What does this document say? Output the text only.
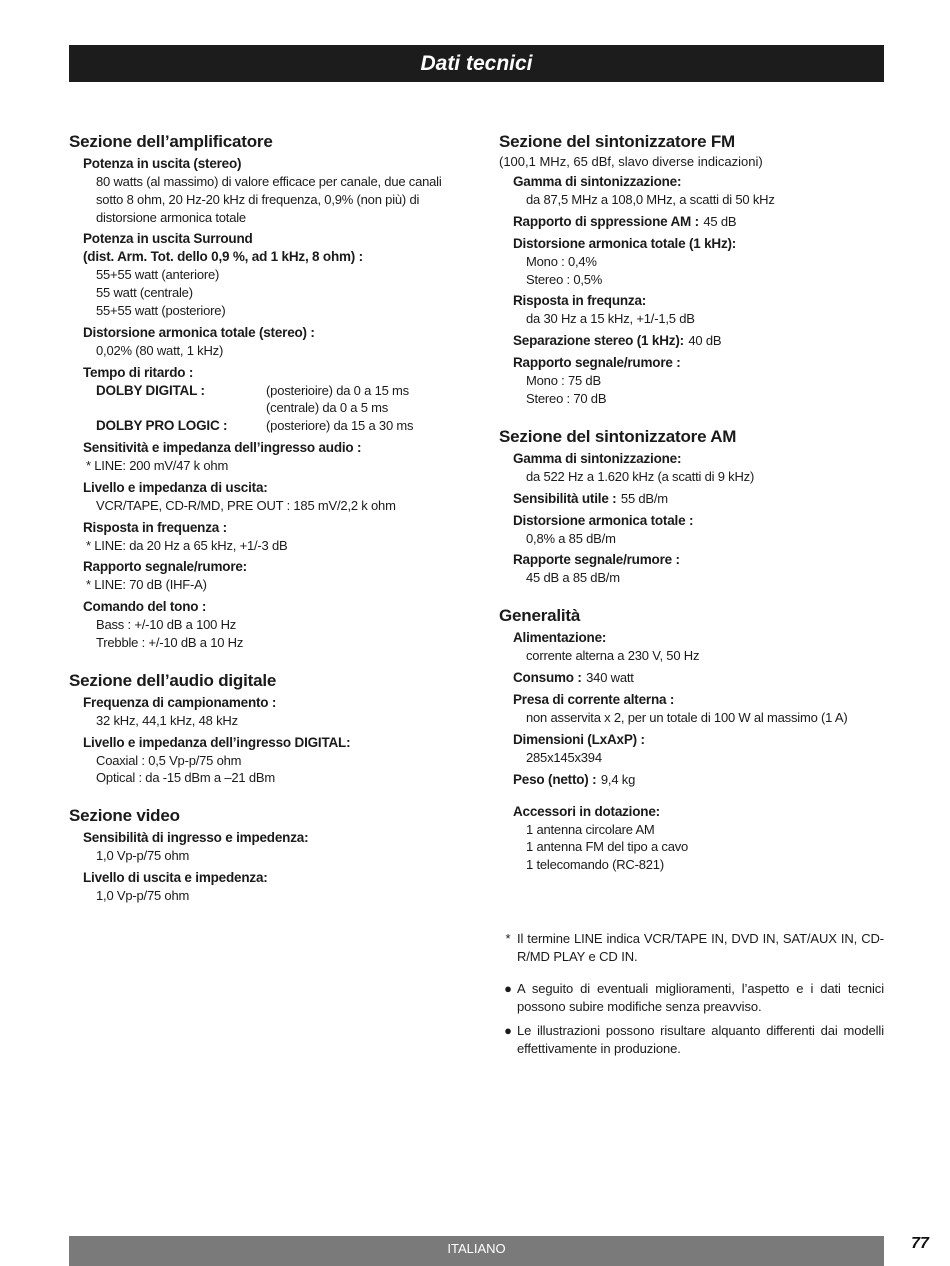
Dati tecnici
Sezione dell’amplificatore
Potenza in uscita (stereo)
80 watts (al massimo) di valore efficace per canale, due canali sotto 8 ohm, 20 Hz-20 kHz di frequenza, 0,9% (non più) di distorsione armonica totale
Potenza in uscita Surround
(dist. Arm. Tot. dello 0,9 %, ad 1 kHz, 8 ohm) :
55+55 watt (anteriore)
55 watt (centrale)
55+55 watt (posteriore)
Distorsione armonica totale (stereo) :
0,02% (80 watt, 1 kHz)
Tempo di ritardo :
DOLBY DIGITAL :	(posterioire) da 0 a 15 ms
(centrale) da 0 a 5 ms
DOLBY PRO LOGIC :	(posteriore) da 15 a 30 ms
Sensitività e impedanza dell’ingresso audio :
* LINE: 200 mV/47 k ohm
Livello e impedanza di uscita:
VCR/TAPE, CD-R/MD, PRE OUT : 185 mV/2,2 k ohm
Risposta in frequenza :
* LINE: da 20 Hz a 65 kHz, +1/-3 dB
Rapporto segnale/rumore:
* LINE: 70 dB (IHF-A)
Comando del tono :
Bass : +/-10 dB a 100 Hz
Trebble : +/-10 dB a 10 Hz
Sezione dell’audio digitale
Frequenza di campionamento :
32 kHz, 44,1 kHz, 48 kHz
Livello e impedanza dell’ingresso DIGITAL:
Coaxial : 0,5 Vp-p/75 ohm
Optical : da -15 dBm a –21 dBm
Sezione video
Sensibilità di ingresso e impedenza:
1,0 Vp-p/75 ohm
Livello di uscita e impedenza:
1,0 Vp-p/75 ohm
Sezione del sintonizzatore FM
(100,1 MHz, 65 dBf, slavo diverse indicazioni)
Gamma di sintonizzazione:
da 87,5 MHz a 108,0 MHz, a scatti di 50 kHz
Rapporto di sppressione AM : 45 dB
Distorsione armonica totale (1 kHz):
Mono : 0,4%
Stereo : 0,5%
Risposta in frequnza:
da 30 Hz a 15 kHz, +1/-1,5 dB
Separazione stereo (1 kHz): 40 dB
Rapporto segnale/rumore :
Mono : 75 dB
Stereo : 70 dB
Sezione del sintonizzatore AM
Gamma di sintonizzazione:
da 522 Hz a 1.620 kHz (a scatti di 9 kHz)
Sensibilità utile : 55 dB/m
Distorsione armonica totale :
0,8% a 85 dB/m
Rapporte segnale/rumore :
45 dB a 85 dB/m
Generalità
Alimentazione:
corrente alterna a 230 V, 50 Hz
Consumo : 340 watt
Presa di corrente alterna :
non asservita x 2, per un totale di 100 W al massimo (1 A)
Dimensioni (LxAxP) :
285x145x394
Peso (netto) : 9,4 kg
Accessori in dotazione:
1 antenna circolare AM
1 antenna FM del tipo a cavo
1 telecomando (RC-821)
* Il termine LINE indica VCR/TAPE IN, DVD IN, SAT/AUX IN, CD-R/MD PLAY e CD IN.
● A seguito di eventuali miglioramenti, l’aspetto e i dati tecnici possono subire modifiche senza preavviso.
● Le illustrazioni possono risultare alquanto differenti dai modelli effettivamente in produzione.
ITALIANO	77
